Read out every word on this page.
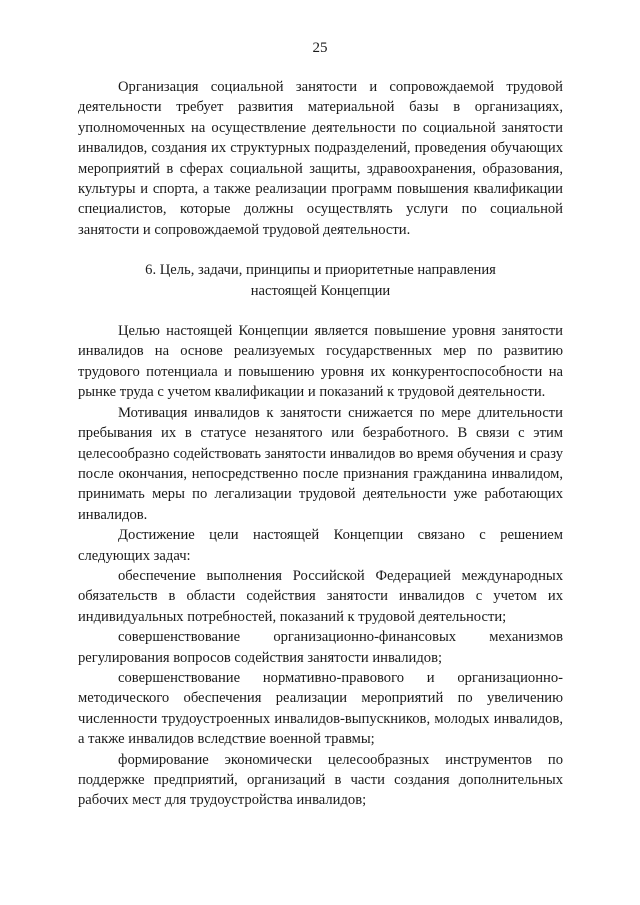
25

Организация социальной занятости и сопровождаемой трудовой деятельности требует развития материальной базы в организациях, уполномоченных на осуществление деятельности по социальной занятости инвалидов, создания их структурных подразделений, проведения обучающих мероприятий в сферах социальной защиты, здравоохранения, образования, культуры и спорта, а также реализации программ повышения квалификации специалистов, которые должны осуществлять услуги по социальной занятости и сопровождаемой трудовой деятельности.

6. Цель, задачи, принципы и приоритетные направления
настоящей Концепции

Целью настоящей Концепции является повышение уровня занятости инвалидов на основе реализуемых государственных мер по развитию трудового потенциала и повышению уровня их конкурентоспособности на рынке труда с учетом квалификации и показаний к трудовой деятельности.

Мотивация инвалидов к занятости снижается по мере длительности пребывания их в статусе незанятого или безработного. В связи с этим целесообразно содействовать занятости инвалидов во время обучения и сразу после окончания, непосредственно после признания гражданина инвалидом, принимать меры по легализации трудовой деятельности уже работающих инвалидов.

Достижение цели настоящей Концепции связано с решением следующих задач:

обеспечение выполнения Российской Федерацией международных обязательств в области содействия занятости инвалидов с учетом их индивидуальных потребностей, показаний к трудовой деятельности;

совершенствование организационно-финансовых механизмов регулирования вопросов содействия занятости инвалидов;

совершенствование нормативно-правового и организационно-методического обеспечения реализации мероприятий по увеличению численности трудоустроенных инвалидов-выпускников, молодых инвалидов, а также инвалидов вследствие военной травмы;

формирование экономически целесообразных инструментов по поддержке предприятий, организаций в части создания дополнительных рабочих мест для трудоустройства инвалидов;
